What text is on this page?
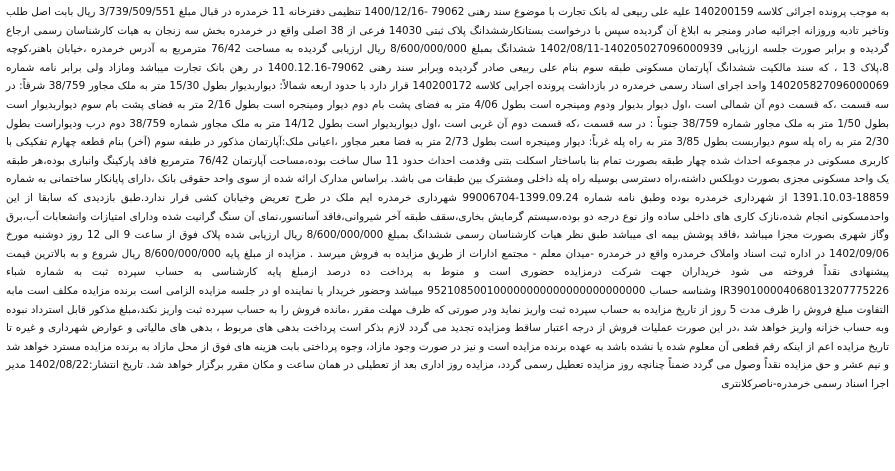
به موجب پرونده اجرائی کلاسه 140200159 علیه علی ربیعی له بانک تجارت با موضوع سند رهنی 79062 -1400/12/16 تنظیمی دفترخانه 11 خرمدره در قبال مبلغ 3/739/509/551 ریال بابت اصل طلب وتاخیر تادیه وروزانه اجرائیه صادر ومنجر به ابلاغ آن گردیده سپس با درخواست بستانکارششدانگ پلاک ثبتی 14030 فرعی از 38 اصلی واقع در خرمدره بخش سه زنجان به هیات کارشناسان رسمی ارجاع گردیده و برابر صورت جلسه ارزیابی 140205027096000939-1402/08/11 ششدانگ بمبلغ 8/600/000/000 ریال ارزیابی گردیده به مساحت 76/42 مترمربع به آدرس خرمدره ،خیابان باهنر،کوچه 8،پلاک 13 ، که سند مالکیت ششدانگ آپارتمان مسکونی طبقه سوم بنام علی ربیعی صادر گردیده وبرابر سند رهنی 79062-1400.12.16 در رهن بانک تجارت میباشد ومازاد ولی برابر نامه شماره 140205827096000069 واحد اجرای اسناد رسمی خرمدره در بازداشت پرونده اجرایی کلاسه 140200172 قرار دارد با حدود اربعه شمالاً: دیواربدیوار بطول 15/30 متر به ملک مجاور 38/759 شرقاً: در سه قسمت ،که قسمت دوم آن شمالی است ،اول دیوار بدیوار ودوم ومینجره است بطول 4/06 متر به فضای پشت بام دوم دیوار ومینجره است بطول 2/16 متر به فضای پشت بام سوم دیواربدیوار است بطول 1/50 متر به ملک مجاور شماره 38/759 جنوباً : در سه قسمت ،که قسمت دوم آن غربی است ،اول دیواربدیوار است بطول 14/12 متر به ملک مجاور شماره 38/759 دوم درب ودیواراست بطول 2/30 متر به راه پله سوم دیواربست بطول 3/85 متر به راه پله غرباً: دیوار ومینجره است بطول 2/73 متر به فضا معبر مجاور ،اعیانی ملک:آپارتمان مذکور در طبقه سوم (آخر) بنام قطعه چهارم تفکیکی با کاربری مسکونی در مجموعه احداث شده چهار طبقه بصورت تمام بنا باساختار اسکلت بتنی وقدمت احداث حدود 11 سال ساخت بوده،مساحت آپارتمان 76/42 مترمربع فاقد پارکینگ وانباری بوده،هر طبقه یک واحد مسکونی مجزی بصورت دوبلکس داشته،راه دسترسی بوسیله راه پله داخلی ومشترک بین طبقات می باشد. براساس مدارک ارائه شده از سوی واحد حقوقی بانک ،دارای پایانکار ساختمانی به شماره 18859-1391.10.03 از شهرداری خرمدره بوده وطبق نامه شماره 1399.09.24-99006704 شهرداری خرمدره ایم ملک در طرح تعریض وخیابان کشی قرار ندارد.طبق بازدیدی که سابقا از این واحدمسکونی انجام شده،نازک کاری های داخلی ساده واز نوع درجه دو بوده،سیستم گرمایش بخاری،سقف طبقه آخر شیروانی،فاقد آسانسور،نمای آن سنگ گرانیت شده ودارای امتیازات وانشعابات آب،برق وگاز شهری بصورت مجزا میباشد ،فاقد پوشش بیمه ای میباشد طبق نظر هیات کارشناسان رسمی ششدانگ بمبلغ 8/600/000/000 ریال ارزیابی شده پلاک فوق از ساعت 9 الی 12 روز دوشنبه مورخ 1402/09/06 در اداره ثبت اسناد واملاک خرمدره واقع در خرمدره -میدان معلم - مجتمع ادارات از طریق مزایده به فروش میرسد . مزایده از مبلغ پایه 8/600/000/000 ریال شروع و به بالاترین قیمت پیشنهادی نقداً فروخته می شود خریداران جهت شرکت درمزایده حضوری است و منوط به پرداخت ده درصد ازمبلغ پایه کارشناسی به حساب سپرده ثبت به شماره شباء IR390100004068013207775226 وشناسه حساب 952108500100000000000000000000000 میباشد وحضور خریدار یا نماینده او در جلسه مزایده الزامی است برنده مزایده مکلف است مابه التفاوت مبلغ فروش را ظرف مدت 5 روز از تاریخ مزایده به حساب سپرده ثبت واریز نماید ودر صورتی که ظرف مهلت مقرر ،مانده فروش را به حساب سپرده ثبت واریز نکند،مبلغ مذکور قابل استرداد نبوده وبه حساب خزانه واریز خواهد شد ،در این صورت عملیات فروش از درجه اعتبار ساقط ومزایده تجدید می گردد لازم بذکر است پرداخت بدهی های مربوط ، بدهی های مالیاتی و عوارض شهرداری و غیره تا تاریخ مزایده اعم از اینکه رقم قطعی آن معلوم شده یا نشده باشد به عهده برنده مزایده است و نیز در صورت وجود مازاد، وجوه پرداختی بابت هزینه های فوق از محل مازاد به برنده مزایده مسترد خواهد شد و نیم عشر و حق مزایده نقداً وصول می گردد ضمناً چنانچه روز مزایده تعطیل رسمی گردد، مزایده روز اداری بعد از تعطیلی در همان ساعت و مکان مقرر برگزار خواهد شد. تاریخ انتشار:1402/08/22 مدیر اجرا اسناد رسمی خرمدره-ناصرکلانتری
